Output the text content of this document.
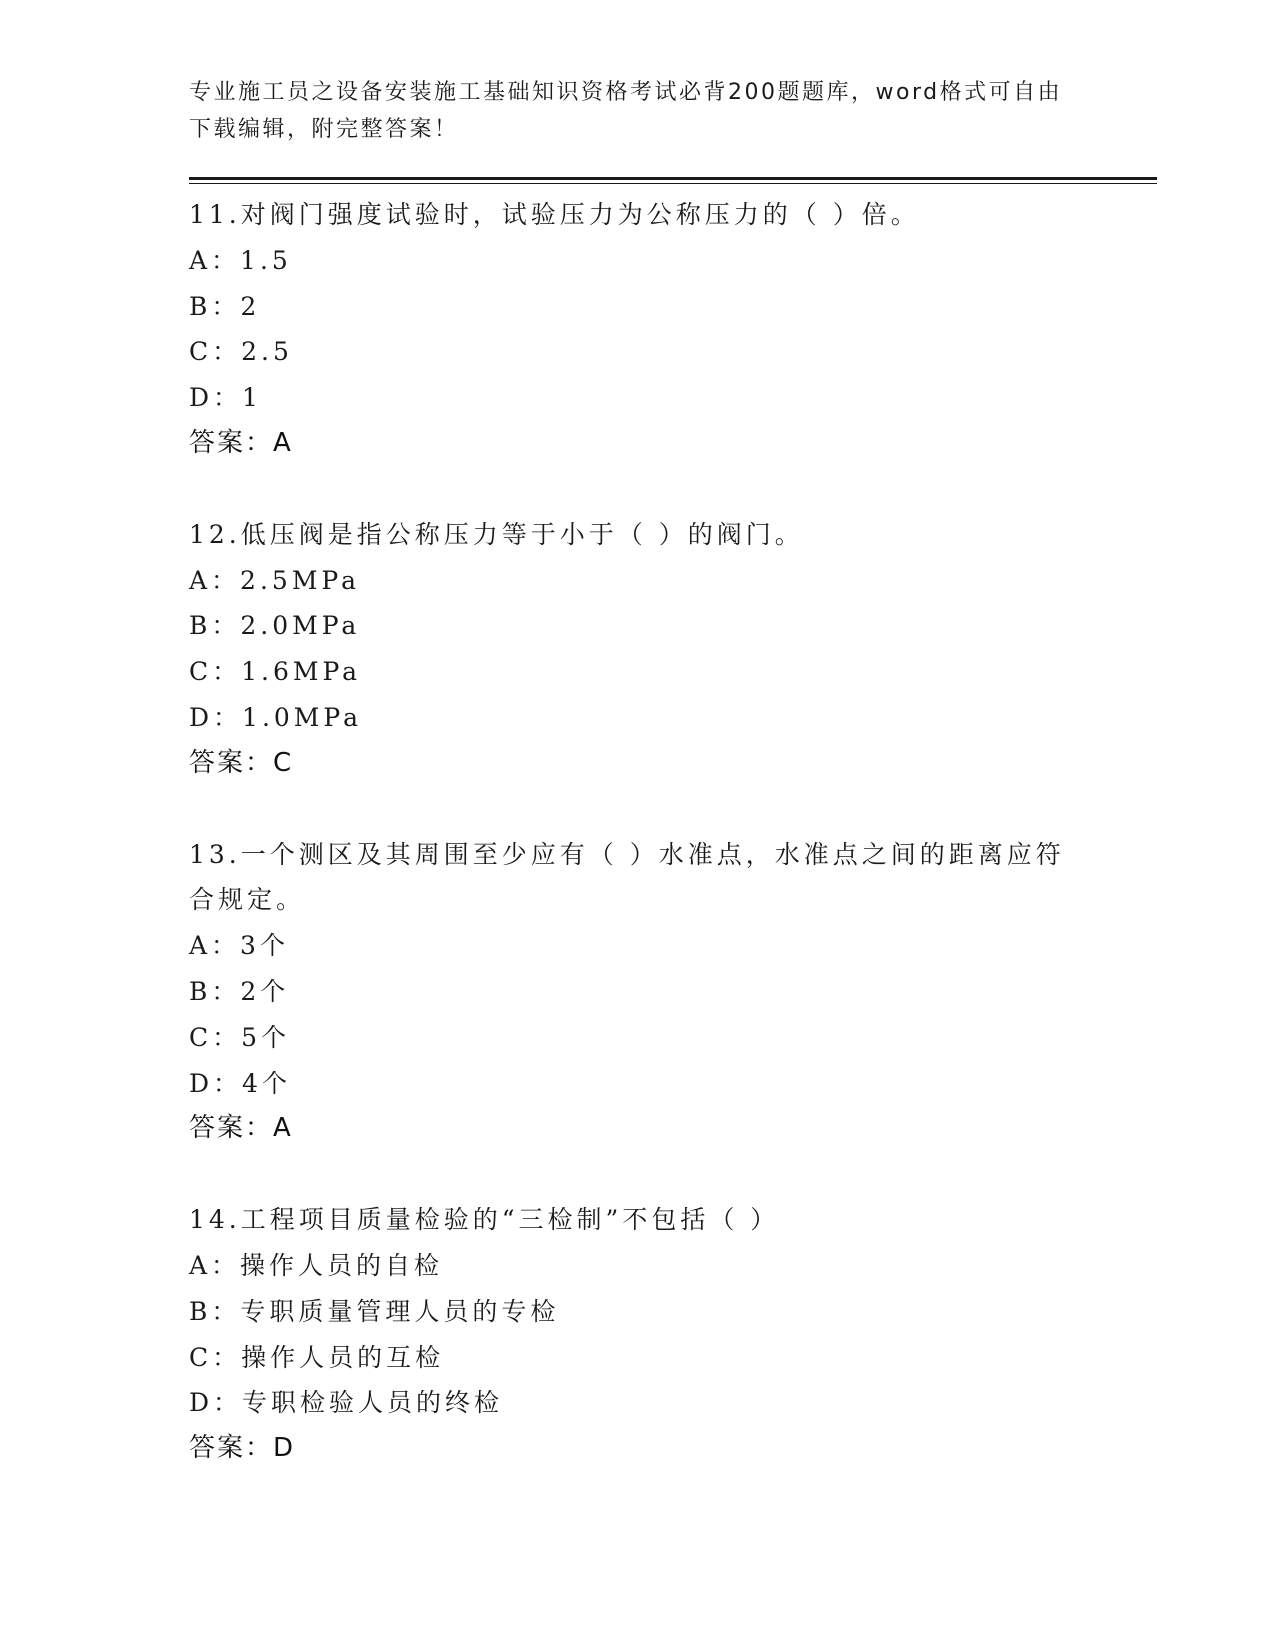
专业施工员之设备安装施工基础知识资格考试必背200题题库，word格式可自由
下载编辑，附完整答案！

11.对阀门强度试验时，试验压力为公称压力的（ ）倍。

A：1.5

B：2

C：2.5

D：1

答案：A

12.低压阀是指公称压力等于小于（ ）的阀门。

A：2.5MPa

B：2.0MPa

C：1.6MPa

D：1.0MPa

答案：C

13.一个测区及其周围至少应有（ ）水准点，水准点之间的距离应符合规定。

A：3个

B：2个

C：5个

D：4个

答案：A

14.工程项目质量检验的“三检制”不包括（ ）

A：操作人员的自检

B：专职质量管理人员的专检

C：操作人员的互检

D：专职检验人员的终检

答案：D
